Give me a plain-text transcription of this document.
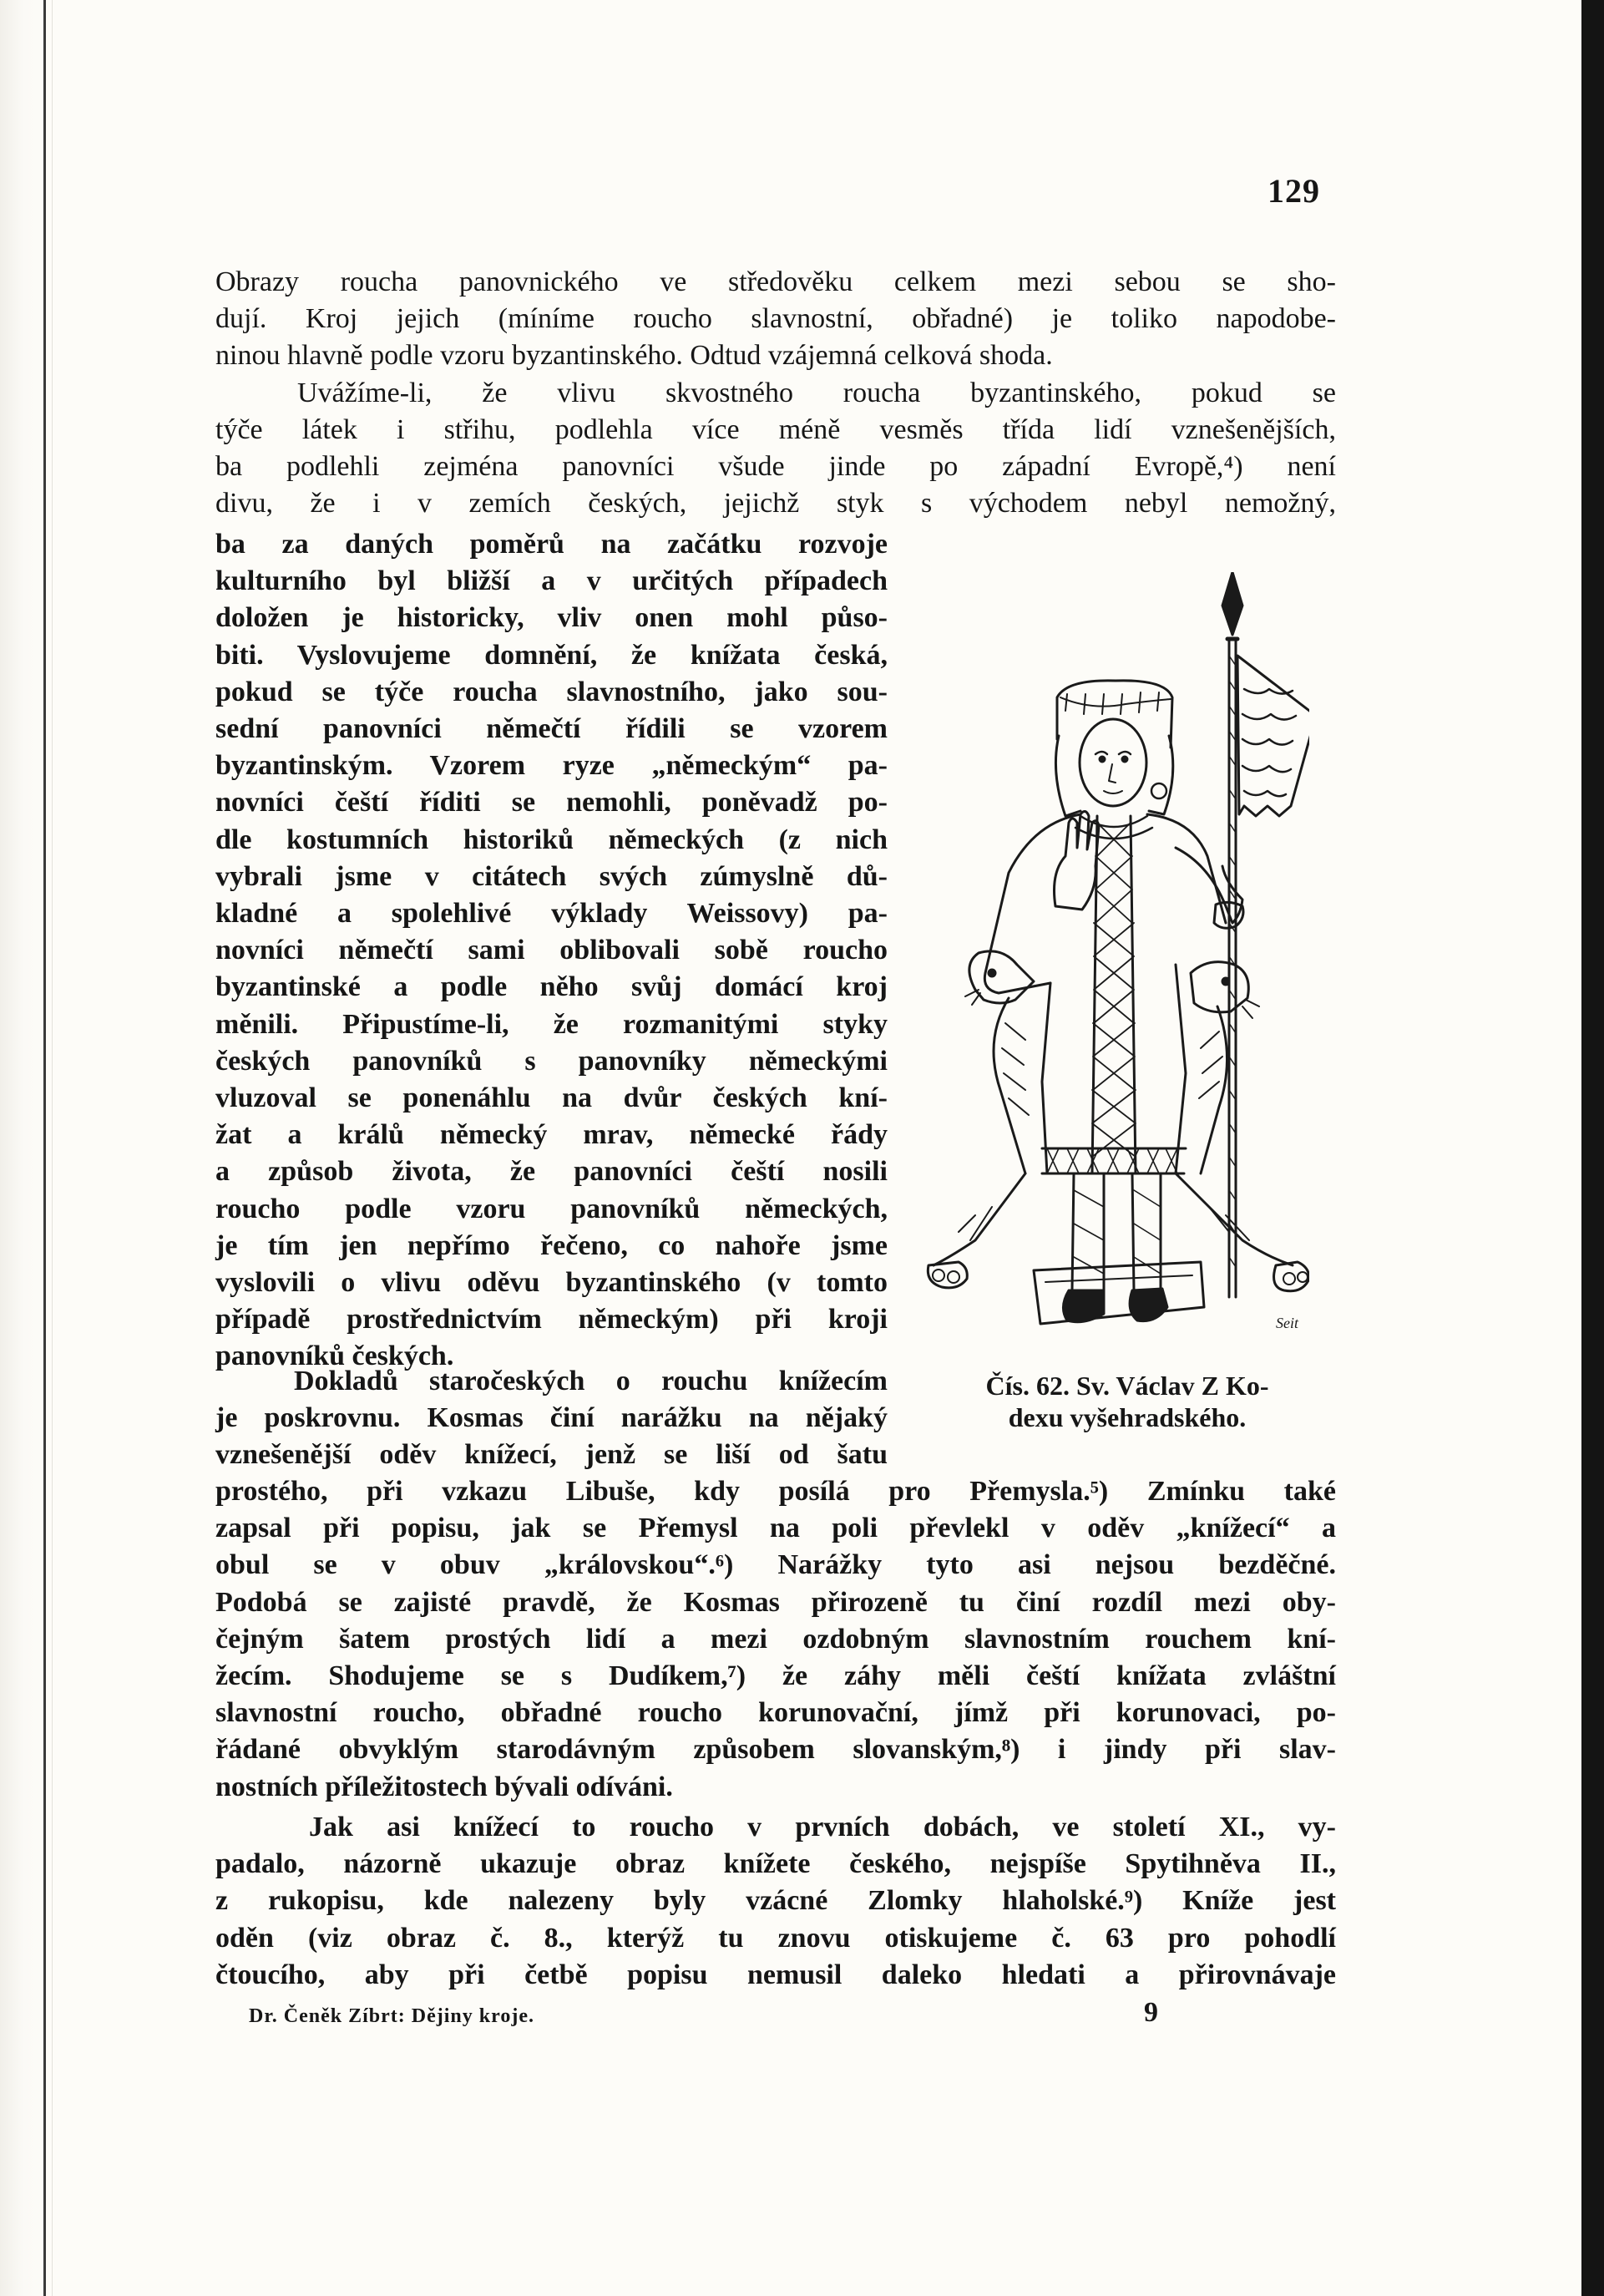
129
Obrazy roucha panovnického ve středověku celkem mezi sebou se sho-
dují. Kroj jejich (míníme roucho slavnostní, obřadné) je toliko napodobe-
ninou hlavně podle vzoru byzantinského. Odtud vzájemná celková shoda.
Uvážíme-li, že vlivu skvostného roucha byzantinského, pokud se
týče látek i střihu, podlehla více méně vesměs třída lidí vznešenějších,
ba podlehli zejména panovníci všude jinde po západní Evropě,⁴) není
divu, že i v zemích českých, jejichž styk s východem nebyl nemožný,
ba za daných poměrů na začátku rozvoje
kulturního byl bližší a v určitých případech
doložen je historicky, vliv onen mohl půso-
biti. Vyslovujeme domnění, že knížata česká,
pokud se týče roucha slavnostního, jako sou-
sední panovníci němečtí řídili se vzorem
byzantinským. Vzorem ryze „německým“ pa-
novníci čeští říditi se nemohli, poněvadž po-
dle kostumních historiků německých (z nich
vybrali jsme v citátech svých zúmyslně dů-
kladné a spolehlivé výklady Weissovy) pa-
novníci němečtí sami oblibovali sobě roucho
byzantinské a podle něho svůj domácí kroj
měnili. Připustíme-li, že rozmanitými styky
českých panovníků s panovníky německými
vluzoval se ponenáhlu na dvůr českých kní-
žat a králů německý mrav, německé řády
a způsob života, že panovníci čeští nosili
roucho podle vzoru panovníků německých,
je tím jen nepřímo řečeno, co nahoře jsme
vyslovili o vlivu oděvu byzantinského (v tomto
případě prostřednictvím německým) při kroji
panovníků českých.
Dokladů staročeských o rouchu knížecím
je poskrovnu. Kosmas činí narážku na nějaký
vznešenější oděv knížecí, jenž se liší od šatu
prostého, při vzkazu Libuše, kdy posílá pro Přemysla.⁵) Zmínku také
zapsal při popisu, jak se Přemysl na poli převlekl v oděv „knížecí“ a
obul se v obuv „královskou“.⁶) Narážky tyto asi nejsou bezděčné.
Podobá se zajisté pravdě, že Kosmas přirozeně tu činí rozdíl mezi oby-
čejným šatem prostých lidí a mezi ozdobným slavnostním rouchem kní-
žecím. Shodujeme se s Dudíkem,⁷) že záhy měli čeští knížata zvláštní
slavnostní roucho, obřadné roucho korunovační, jímž při korunovaci, po-
řádané obvyklým starodávným způsobem slovanským,⁸) i jindy při slav-
nostních příležitostech bývali odíváni.
Jak asi knížecí to roucho v prvních dobách, ve století XI., vy-
padalo, názorně ukazuje obraz knížete českého, nejspíše Spytihněva II.,
z rukopisu, kde nalezeny byly vzácné Zlomky hlaholské.⁹) Kníže jest
oděn (viz obraz č. 8., kterýž tu znovu otiskujeme č. 63 pro pohodlí
čtoucího, aby při četbě popisu nemusil daleko hledati a přirovnávaje
Seit
Čís. 62. Sv. Václav Z Ko-
dexu vyšehradského.
Dr. Čeněk Zíbrt: Dějiny kroje.	9
